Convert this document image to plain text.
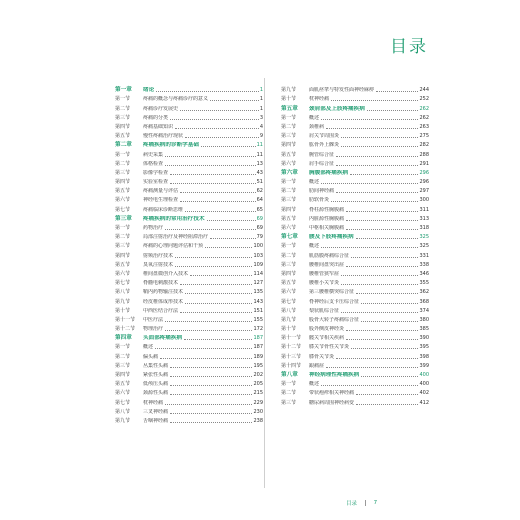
目录
第一章	绪论	1
第一节	疼痛的概念与疼痛诊疗的意义	1
第二节	疼痛诊疗发展史	1
第三节	疼痛的分类	3
第四节	疼痛基础知识	4
第五节	慢性疼痛治疗现状	9
第二章	疼痛疾病的诊断学基础	11
第一节	病史采集	11
第二节	体格检查	13
第三节	影像学检查	43
第四节	实验室检查	51
第五节	疼痛测量与评估	62
第六节	神经电生理检查	64
第七节	疼痛临床诊断思维	65
第三章	疼痛疾病的常用治疗技术	69
第一节	药物治疗	69
第二节	局部注射治疗及神经阻滞治疗	79
第三节	疼痛的心理问题评估和干预	100
第四节	射频治疗技术	103
第五节	臭氧注射技术	109
第六节	椎间盘微创介入技术	114
第七节	脊髓电刺激技术	127
第八节	鞘内药物输注技术	135
第九节	经皮椎体成形技术	143
第十节	中西医结合疗法	151
第十一节	中医疗法	155
第十二节	物理治疗	172
第四章	头面部疼痛疾病	187
第一节	概述	187
第二节	偏头痛	189
第三节	丛集性头痛	195
第四节	紧张性头痛	202
第五节	低颅压头痛	205
第六节	颈源性头痛	215
第七节	枕神经痛	229
第八节	三叉神经痛	230
第九节	舌咽神经痛	238
第九节	面肌痉挛与特发性面神经麻痹	244
第十节	枕神经痛	252
第五章	颈肩部及上肢疼痛疾病	262
第一节	概述	262
第二节	颈椎病	263
第三节	肩关节周围炎	275
第四节	肱骨外上髁炎	282
第五节	腕管综合征	288
第六节	肩手综合征	291
第六章	胸腹部疼痛疾病	296
第一节	概述	296
第二节	肋间神经痛	297
第三节	肋软骨炎	300
第四节	脊柱源性胸腹痛	311
第五节	内脏源性胸腹痛	313
第六节	中枢相关胸腹痛	318
第七章	腰及下肢疼痛疾病	325
第一节	概述	325
第二节	肌筋膜疼痛综合征	331
第三节	腰椎间盘突出症	338
第四节	腰椎管狭窄症	346
第五节	腰椎小关节炎	355
第六节	第三腰椎横突综合征	362
第七节	脊神经后支卡压综合征	368
第八节	梨状肌综合征	374
第九节	股骨大转子疼痛综合征	380
第十节	股外侧皮神经炎	385
第十一节	髋关节相关疾病	390
第十二节	膝关节骨性关节炎	395
第十三节	膝骨关节炎	398
第十四节	跟痛症	399
第八章	神经病理性疼痛疾病	400
第一节	概述	400
第二节	带状疱疹相关神经痛	402
第三节	糖尿病周围神经病变	412
目录	7
